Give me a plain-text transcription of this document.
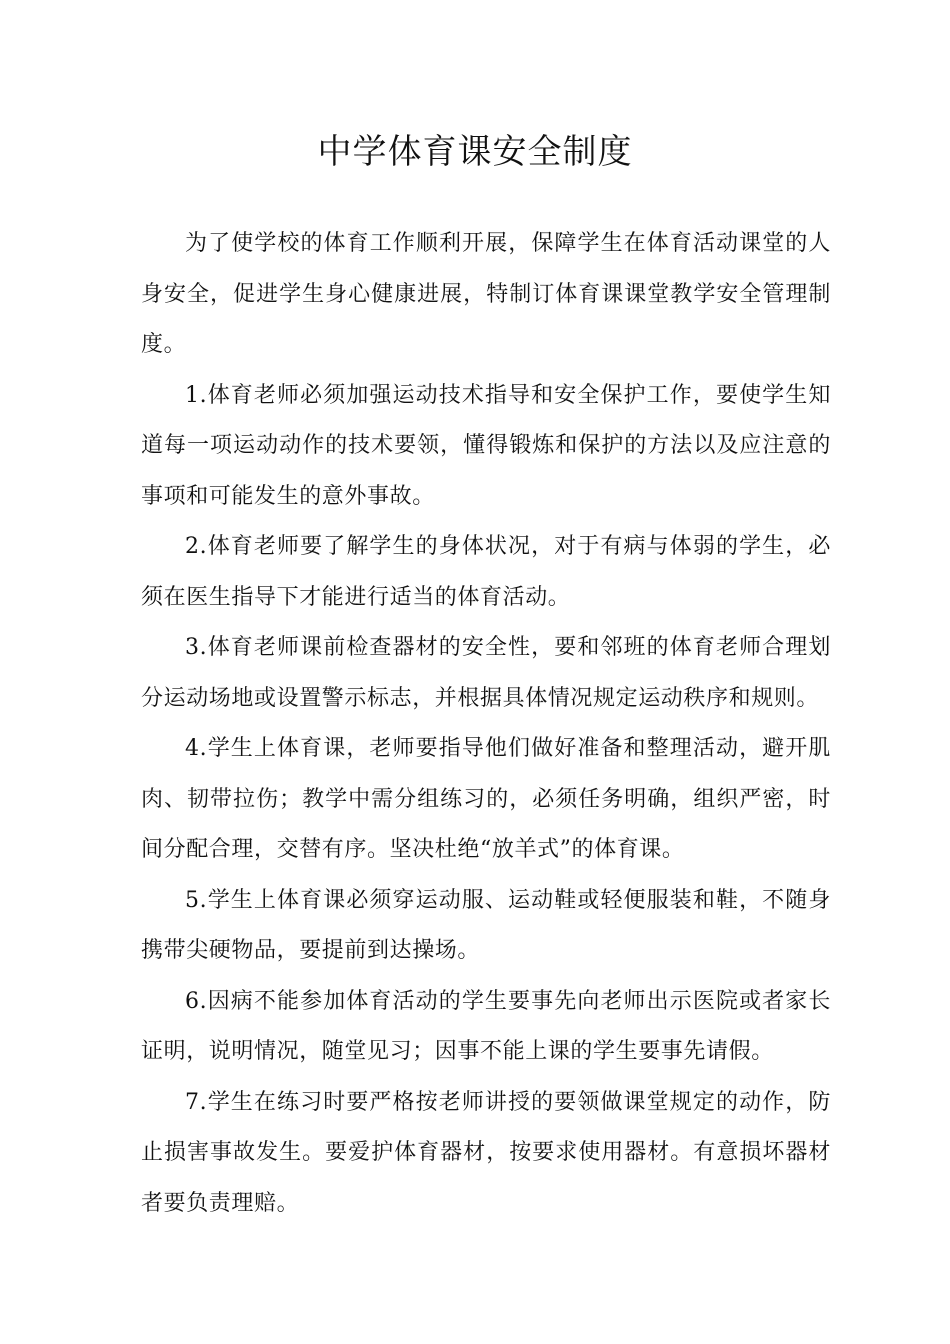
中学体育课安全制度

为了使学校的体育工作顺利开展，保障学生在体育活动课堂的人身安全，促进学生身心健康进展，特制订体育课课堂教学安全管理制度。

1.体育老师必须加强运动技术指导和安全保护工作，要使学生知道每一项运动动作的技术要领，懂得锻炼和保护的方法以及应注意的事项和可能发生的意外事故。

2.体育老师要了解学生的身体状况，对于有病与体弱的学生，必须在医生指导下才能进行适当的体育活动。

3.体育老师课前检查器材的安全性，要和邻班的体育老师合理划分运动场地或设置警示标志，并根据具体情况规定运动秩序和规则。

4.学生上体育课，老师要指导他们做好准备和整理活动，避开肌肉、韧带拉伤；教学中需分组练习的，必须任务明确，组织严密，时间分配合理，交替有序。坚决杜绝“放羊式”的体育课。

5.学生上体育课必须穿运动服、运动鞋或轻便服装和鞋，不随身携带尖硬物品，要提前到达操场。

6.因病不能参加体育活动的学生要事先向老师出示医院或者家长证明，说明情况，随堂见习；因事不能上课的学生要事先请假。

7.学生在练习时要严格按老师讲授的要领做课堂规定的动作，防止损害事故发生。要爱护体育器材，按要求使用器材。有意损坏器材者要负责理赔。
